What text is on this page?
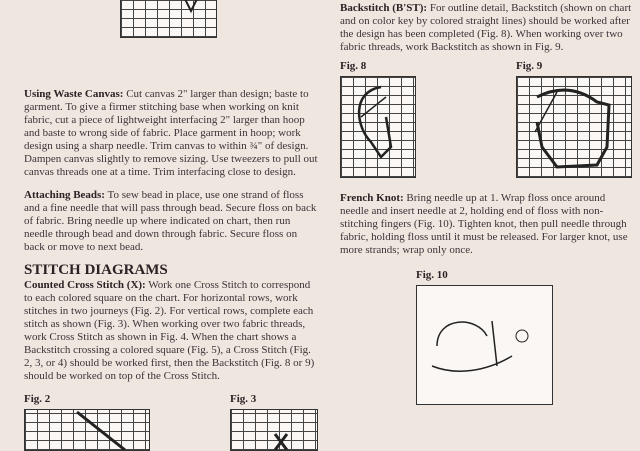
Using Waste Canvas: Cut canvas 2" larger than design; baste to garment. To give a firmer stitching base when working on knit fabric, cut a piece of lightweight interfacing 2" larger than hoop and baste to wrong side of fabric. Place garment in hoop; work design using a sharp needle. Trim canvas to within ¾" of design. Dampen canvas slightly to remove sizing. Use tweezers to pull out canvas threads one at a time. Trim interfacing close to design.

Attaching Beads: To sew bead in place, use one strand of floss and a fine needle that will pass through bead. Secure floss on back of fabric. Bring needle up where indicated on chart, then run needle through bead and down through fabric. Secure floss on back or move to next bead.

STITCH DIAGRAMS

Counted Cross Stitch (X): Work one Cross Stitch to correspond to each colored square on the chart. For horizontal rows, work stitches in two journeys (Fig. 2). For vertical rows, complete each stitch as shown (Fig. 3). When working over two fabric threads, work Cross Stitch as shown in Fig. 4. When the chart shows a Backstitch crossing a colored square (Fig. 5), a Cross Stitch (Fig. 2, 3, or 4) should be worked first, then the Backstitch (Fig. 8 or 9) should be worked on top of the Cross Stitch.

Fig. 2	Fig. 3

Backstitch (B'ST): For outline detail, Backstitch (shown on chart and on color key by colored straight lines) should be worked after the design has been completed (Fig. 8). When working over two fabric threads, work Backstitch as shown in Fig. 9.

Fig. 8	Fig. 9

French Knot: Bring needle up at 1. Wrap floss once around needle and insert needle at 2, holding end of floss with non-stitching fingers (Fig. 10). Tighten knot, then pull needle through fabric, holding floss until it must be released. For larger knot, use more strands; wrap only once.

Fig. 10
